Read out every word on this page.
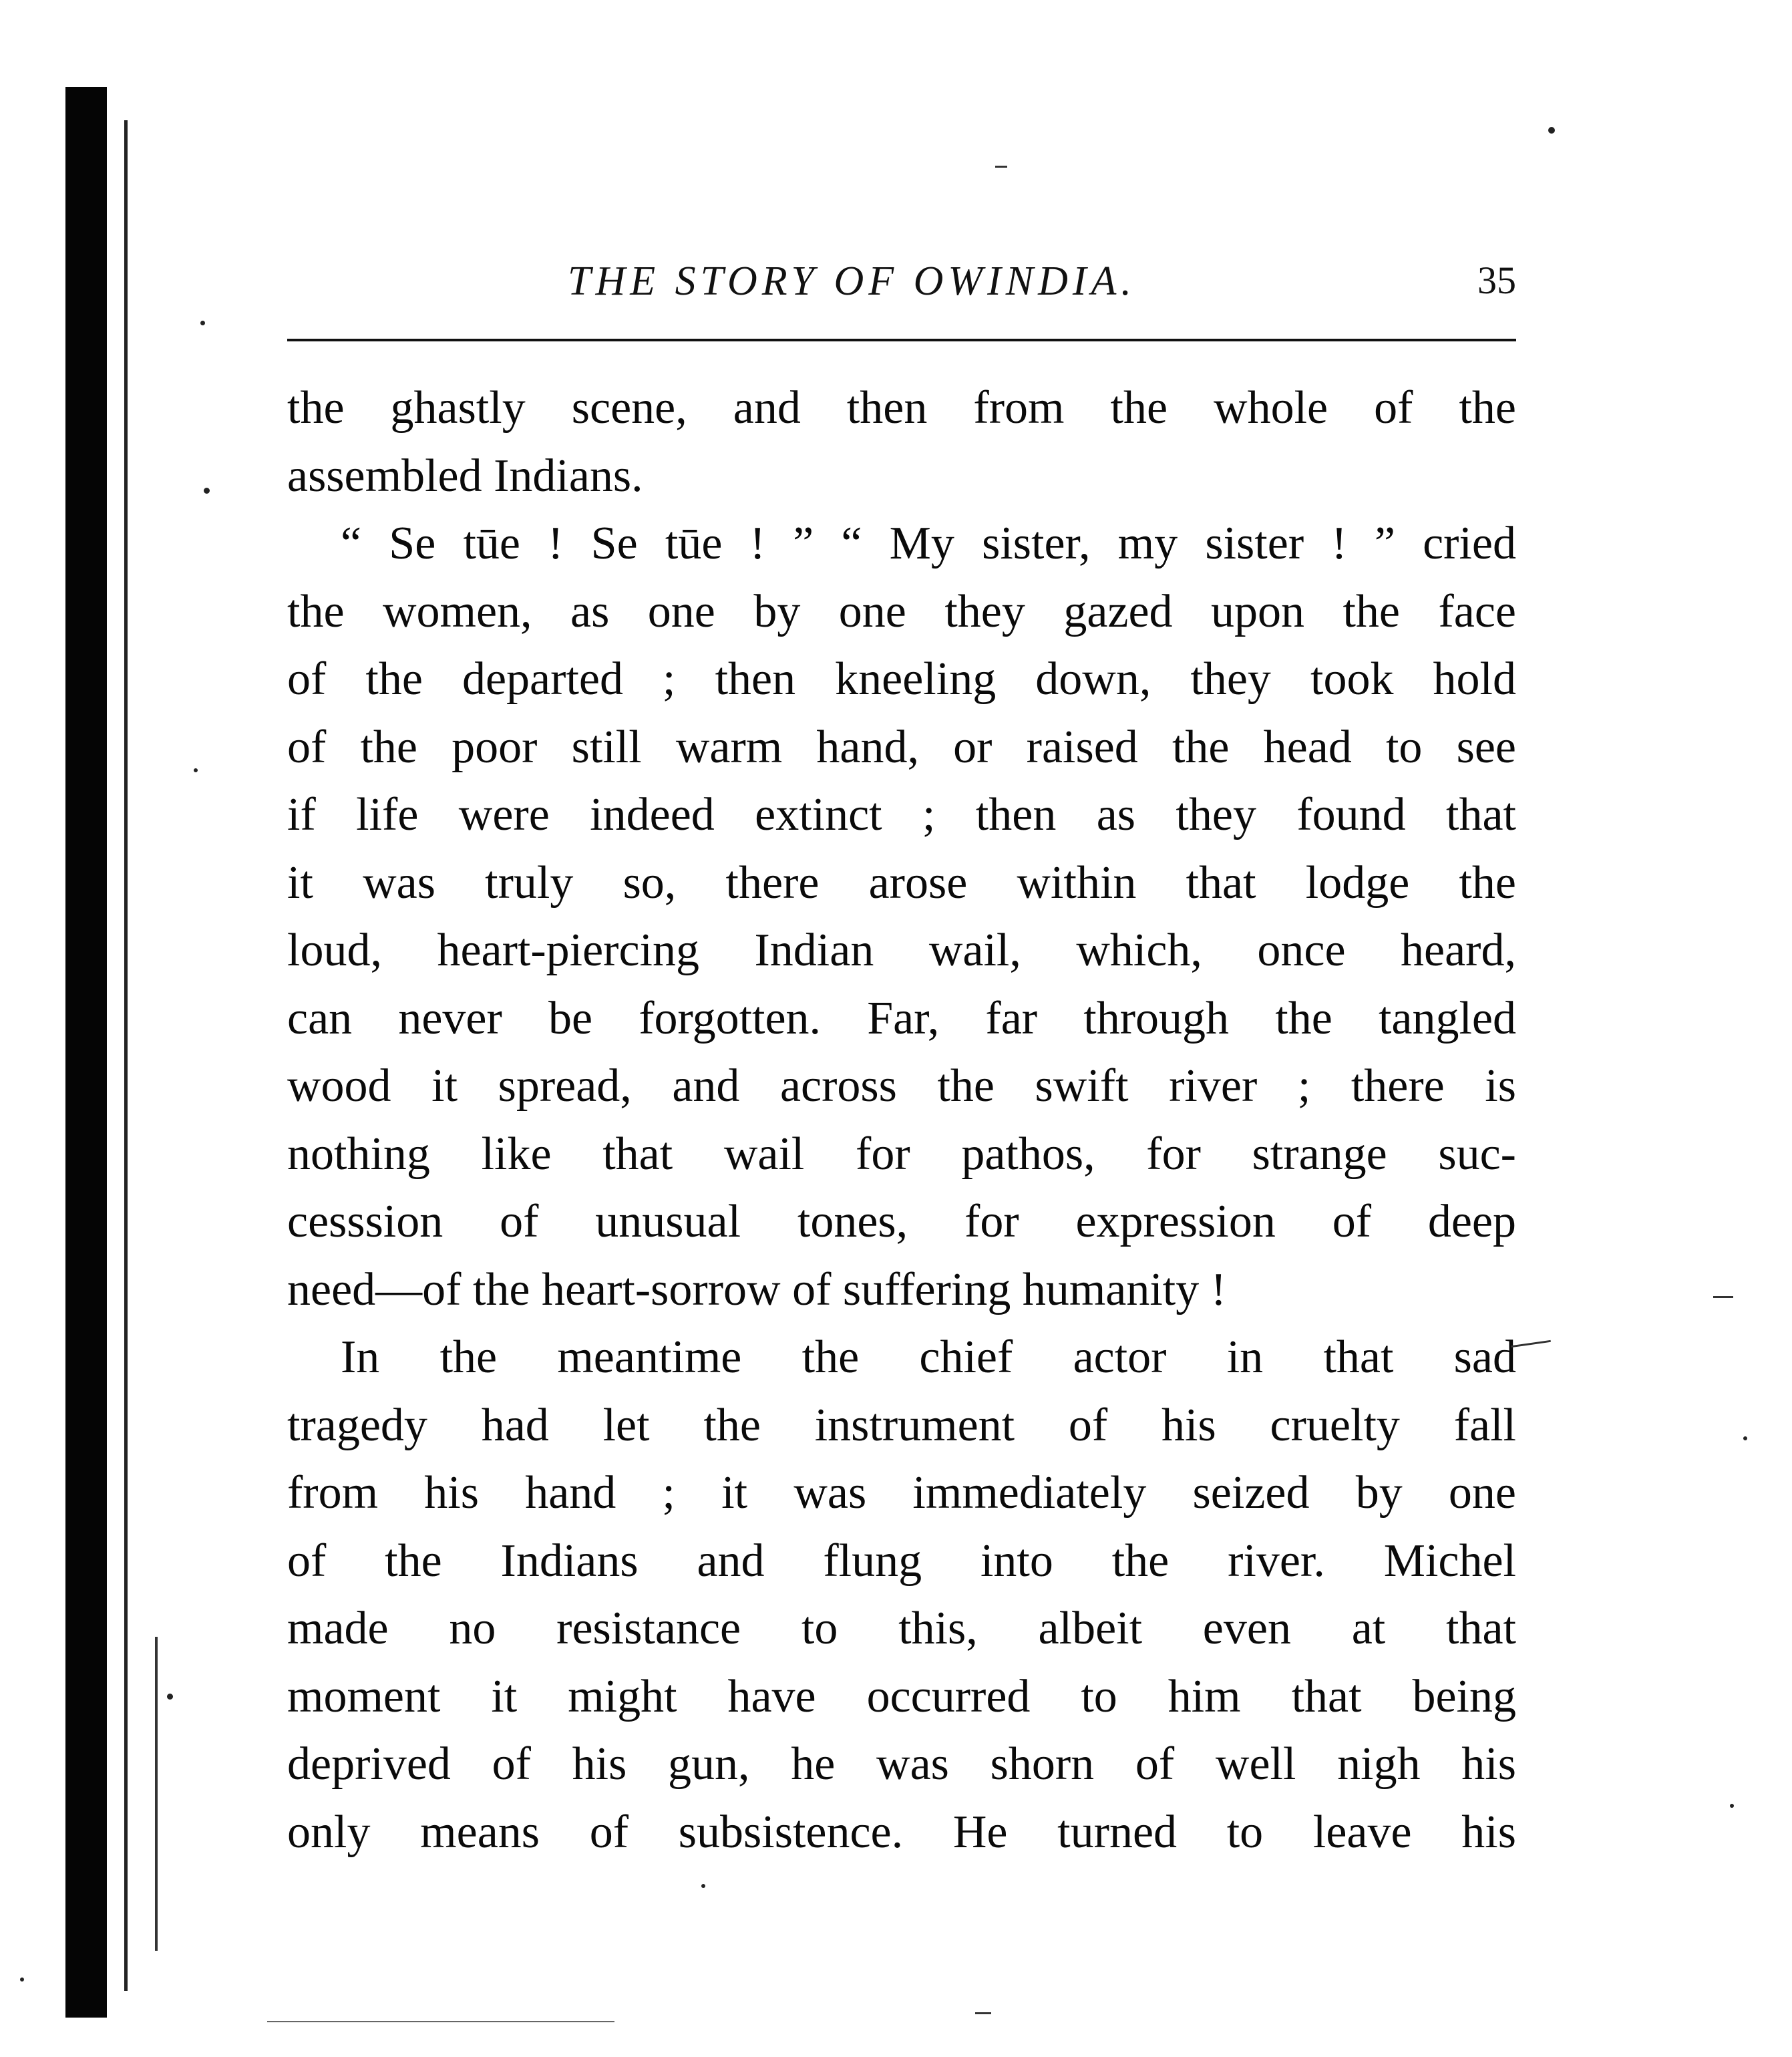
THE STORY OF OWINDIA.	35
the ghastly scene, and then from the whole of the
assembled Indians.
“ Se tūe ! Se tūe ! ” “ My sister, my sister ! ” cried
the women, as one by one they gazed upon the face
of the departed ; then kneeling down, they took hold
of the poor still warm hand, or raised the head to see
if life were indeed extinct ; then as they found that
it was truly so, there arose within that lodge the
loud, heart-piercing Indian wail, which, once heard,
can never be forgotten. Far, far through the tangled
wood it spread, and across the swift river ; there is
nothing like that wail for pathos, for strange suc-
cesssion of unusual tones, for expression of deep
need—of the heart-sorrow of suffering humanity !
In the meantime the chief actor in that sad
tragedy had let the instrument of his cruelty fall
from his hand ; it was immediately seized by one
of the Indians and flung into the river. Michel
made no resistance to this, albeit even at that
moment it might have occurred to him that being
deprived of his gun, he was shorn of well nigh his
only means of subsistence. He turned to leave his
